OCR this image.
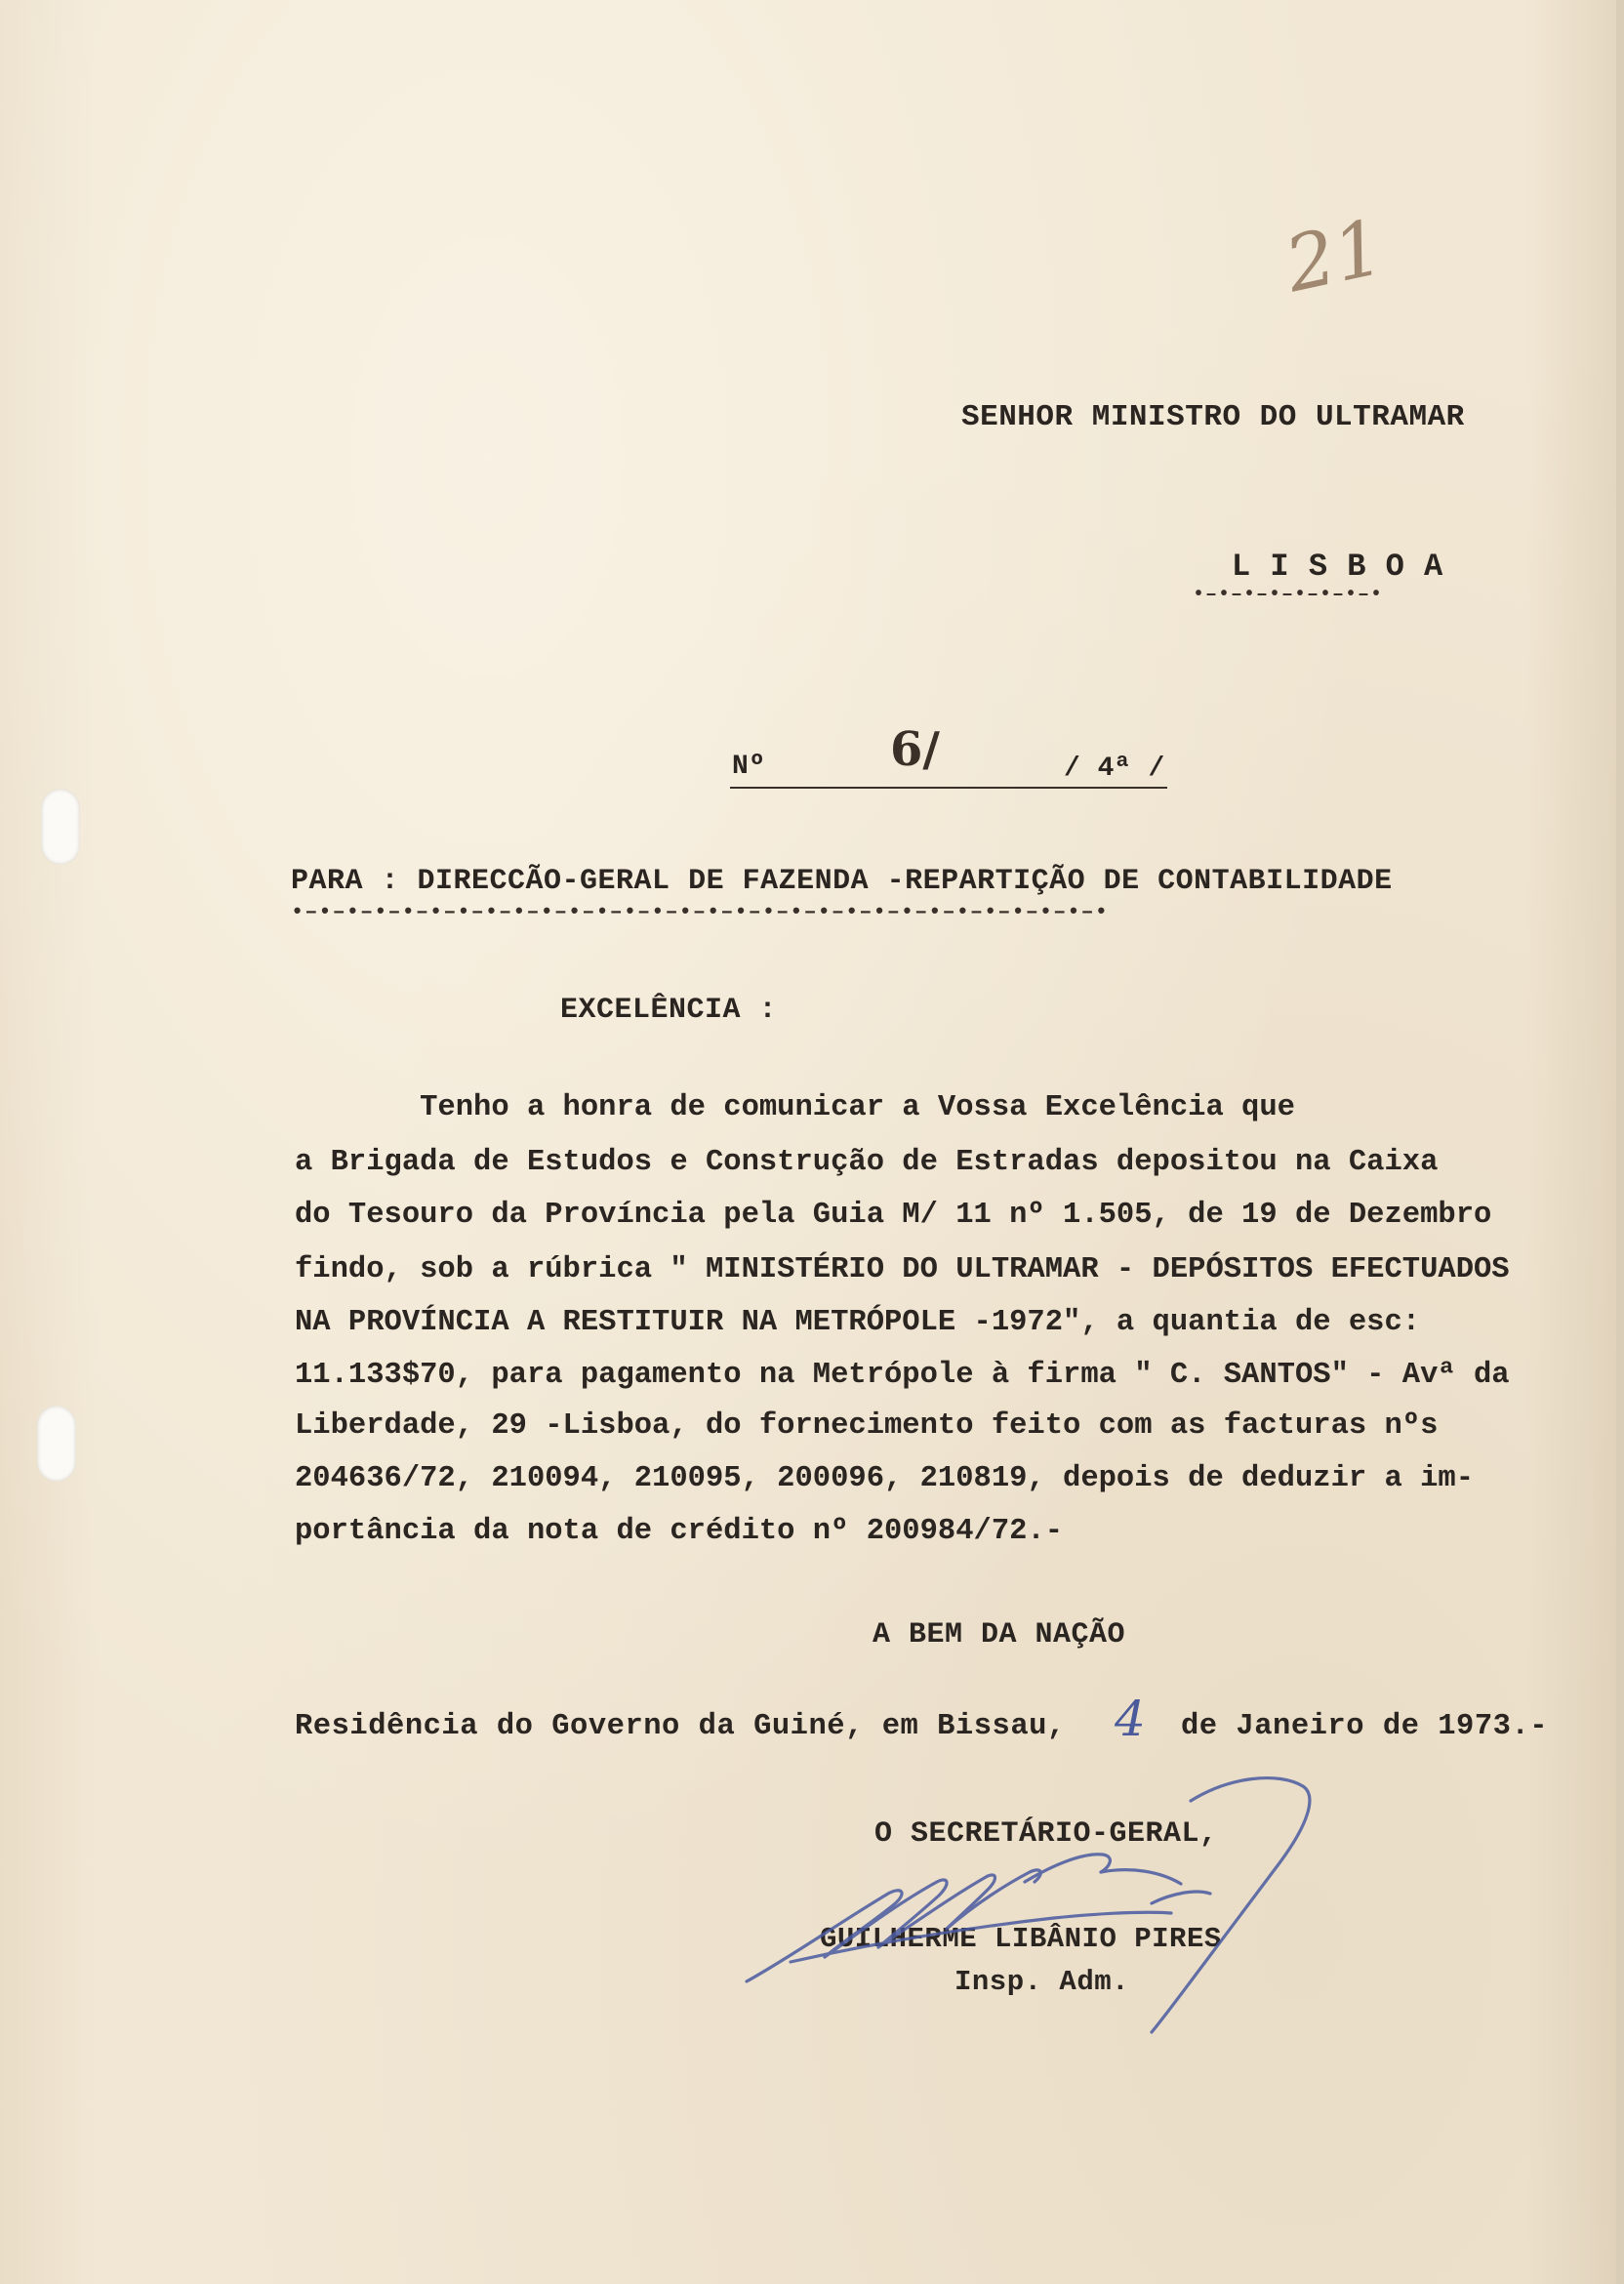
21
SENHOR MINISTRO DO ULTRAMAR
L I S B O A
•–•–•–•–•–•–•–•
Nº	6/	/ 4ª /
PARA : DIRECCÃO-GERAL DE FAZENDA -REPARTIÇÃO DE CONTABILIDADE
•–•–•–•–•–•–•–•–•–•–•–•–•–•–•–•–•–•–•–•–•–•–•–•–•–•–•–•–•–•
EXCELÊNCIA :
Tenho a honra de comunicar a Vossa Excelência que
a Brigada de Estudos e Construção de Estradas depositou na Caixa
do Tesouro da Província pela Guia M/ 11 nº 1.505, de 19 de Dezembro
findo, sob a rúbrica " MINISTÉRIO DO ULTRAMAR - DEPÓSITOS EFECTUADOS
NA PROVÍNCIA A RESTITUIR NA METRÓPOLE -1972", a quantia de esc:
11.133$70, para pagamento na Metrópole à firma " C. SANTOS" - Avª da
Liberdade, 29 -Lisboa, do fornecimento feito com as facturas nºs
204636/72, 210094, 210095, 200096, 210819, depois de deduzir a im-
portância da nota de crédito nº 200984/72.-
A BEM DA NAÇÃO
Residência do Governo da Guiné, em Bissau, 4 de Janeiro de 1973.-
O SECRETÁRIO-GERAL,
GUILHERME LIBÂNIO PIRES
Insp. Adm.
